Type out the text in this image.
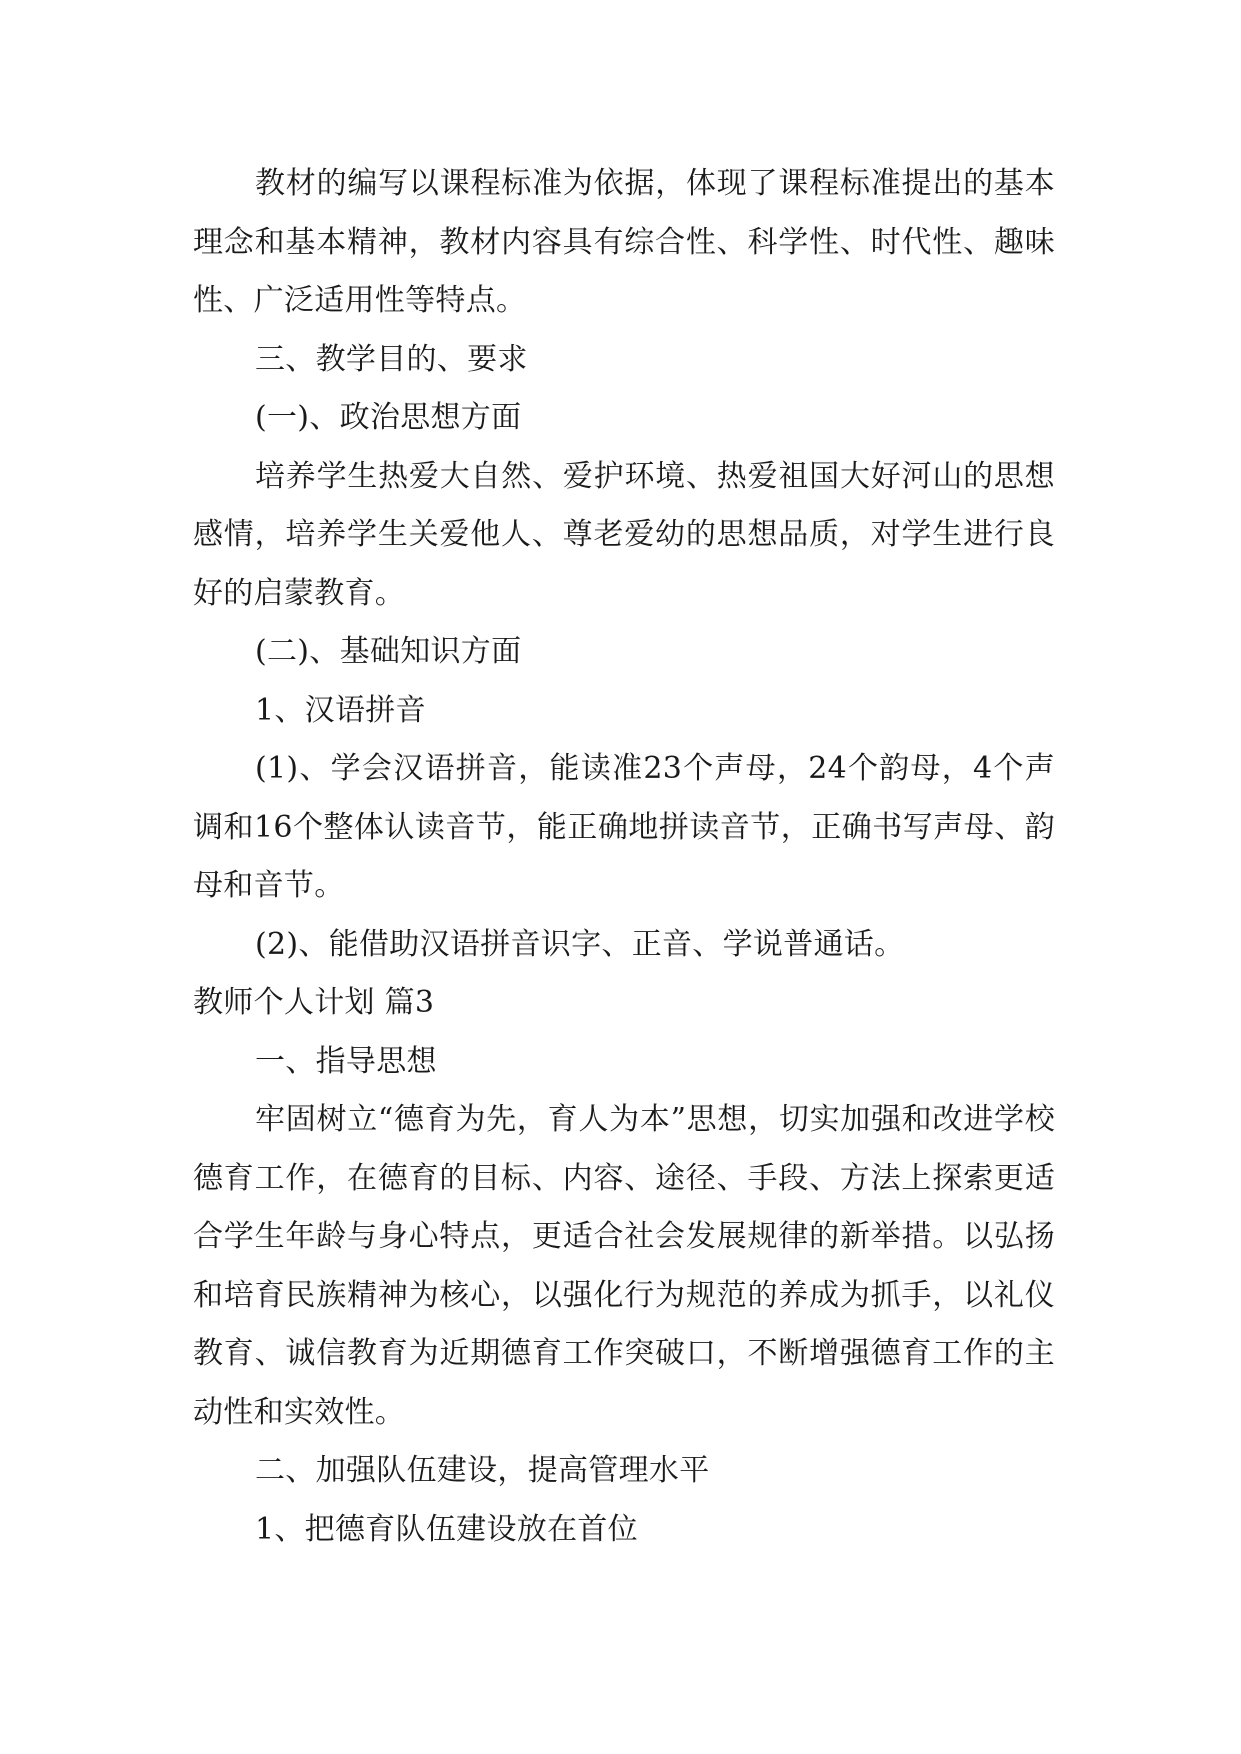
教材的编写以课程标准为依据，体现了课程标准提出的基本理念和基本精神，教材内容具有综合性、科学性、时代性、趣味性、广泛适用性等特点。

三、教学目的、要求

(一)、政治思想方面

培养学生热爱大自然、爱护环境、热爱祖国大好河山的思想感情，培养学生关爱他人、尊老爱幼的思想品质，对学生进行良好的启蒙教育。

(二)、基础知识方面

1、汉语拼音

(1)、学会汉语拼音，能读准23个声母，24个韵母，4个声调和16个整体认读音节，能正确地拼读音节，正确书写声母、韵母和音节。

(2)、能借助汉语拼音识字、正音、学说普通话。

教师个人计划 篇3

一、指导思想

牢固树立“德育为先，育人为本”思想，切实加强和改进学校德育工作，在德育的目标、内容、途径、手段、方法上探索更适合学生年龄与身心特点，更适合社会发展规律的新举措。以弘扬和培育民族精神为核心，以强化行为规范的养成为抓手，以礼仪教育、诚信教育为近期德育工作突破口，不断增强德育工作的主动性和实效性。

二、加强队伍建设，提高管理水平

1、把德育队伍建设放在首位
